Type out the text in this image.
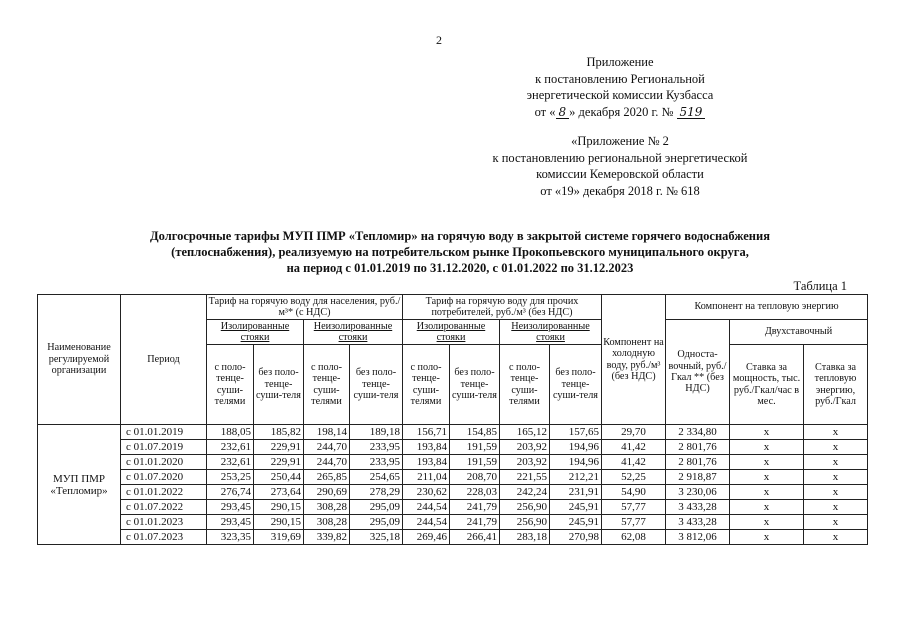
2
Приложение
к постановлению Региональной
энергетической комиссии Кузбасса
от « 8 » декабря 2020 г. № 519
«Приложение № 2
к постановлению региональной энергетической
комиссии Кемеровской области
от «19» декабря 2018 г. № 618
Долгосрочные тарифы МУП ПМР «Тепломир» на горячую воду в закрытой системе горячего водоснабжения
(теплоснабжения), реализуемую на потребительском рынке Прокопьевского муниципального округа,
на период с 01.01.2019 по 31.12.2020, с 01.01.2022 по 31.12.2023
Таблица 1
Наименование регулируемой организации	Период	Тариф на горячую воду для населения, руб./м³* (с НДС)				Тариф на горячую воду для прочих потребителей, руб./м³ (без НДС)				Компонент на холодную воду, руб./м³ (без НДС)	Компонент на тепловую энергию		
		Изолированные стояки		Неизолированные стояки		Изолированные стояки		Неизолированные стояки			Односта-вочный, руб./Гкал ** (без НДС)	Двухставочный	
		с поло-тенце-суши-телями	без поло-тенце-суши-теля	с поло-тенце-суши-телями	без поло-тенце-суши-теля	с поло-тенце-суши-телями	без поло-тенце-суши-теля	с поло-тенце-суши-телями	без поло-тенце-суши-теля			Ставка за мощность, тыс. руб./Гкал/час в мес.	Ставка за тепловую энергию, руб./Гкал
МУП ПМР «Тепломир»	с 01.01.2019	188,05	185,82	198,14	189,18	156,71	154,85	165,12	157,65	29,70	2 334,80	х	х
	с 01.07.2019	232,61	229,91	244,70	233,95	193,84	191,59	203,92	194,96	41,42	2 801,76	х	х
	с 01.01.2020	232,61	229,91	244,70	233,95	193,84	191,59	203,92	194,96	41,42	2 801,76	х	х
	с 01.07.2020	253,25	250,44	265,85	254,65	211,04	208,70	221,55	212,21	52,25	2 918,87	х	х
	с 01.01.2022	276,74	273,64	290,69	278,29	230,62	228,03	242,24	231,91	54,90	3 230,06	х	х
	с 01.07.2022	293,45	290,15	308,28	295,09	244,54	241,79	256,90	245,91	57,77	3 433,28	х	х
	с 01.01.2023	293,45	290,15	308,28	295,09	244,54	241,79	256,90	245,91	57,77	3 433,28	х	х
	с 01.07.2023	323,35	319,69	339,82	325,18	269,46	266,41	283,18	270,98	62,08	3 812,06	х	х
